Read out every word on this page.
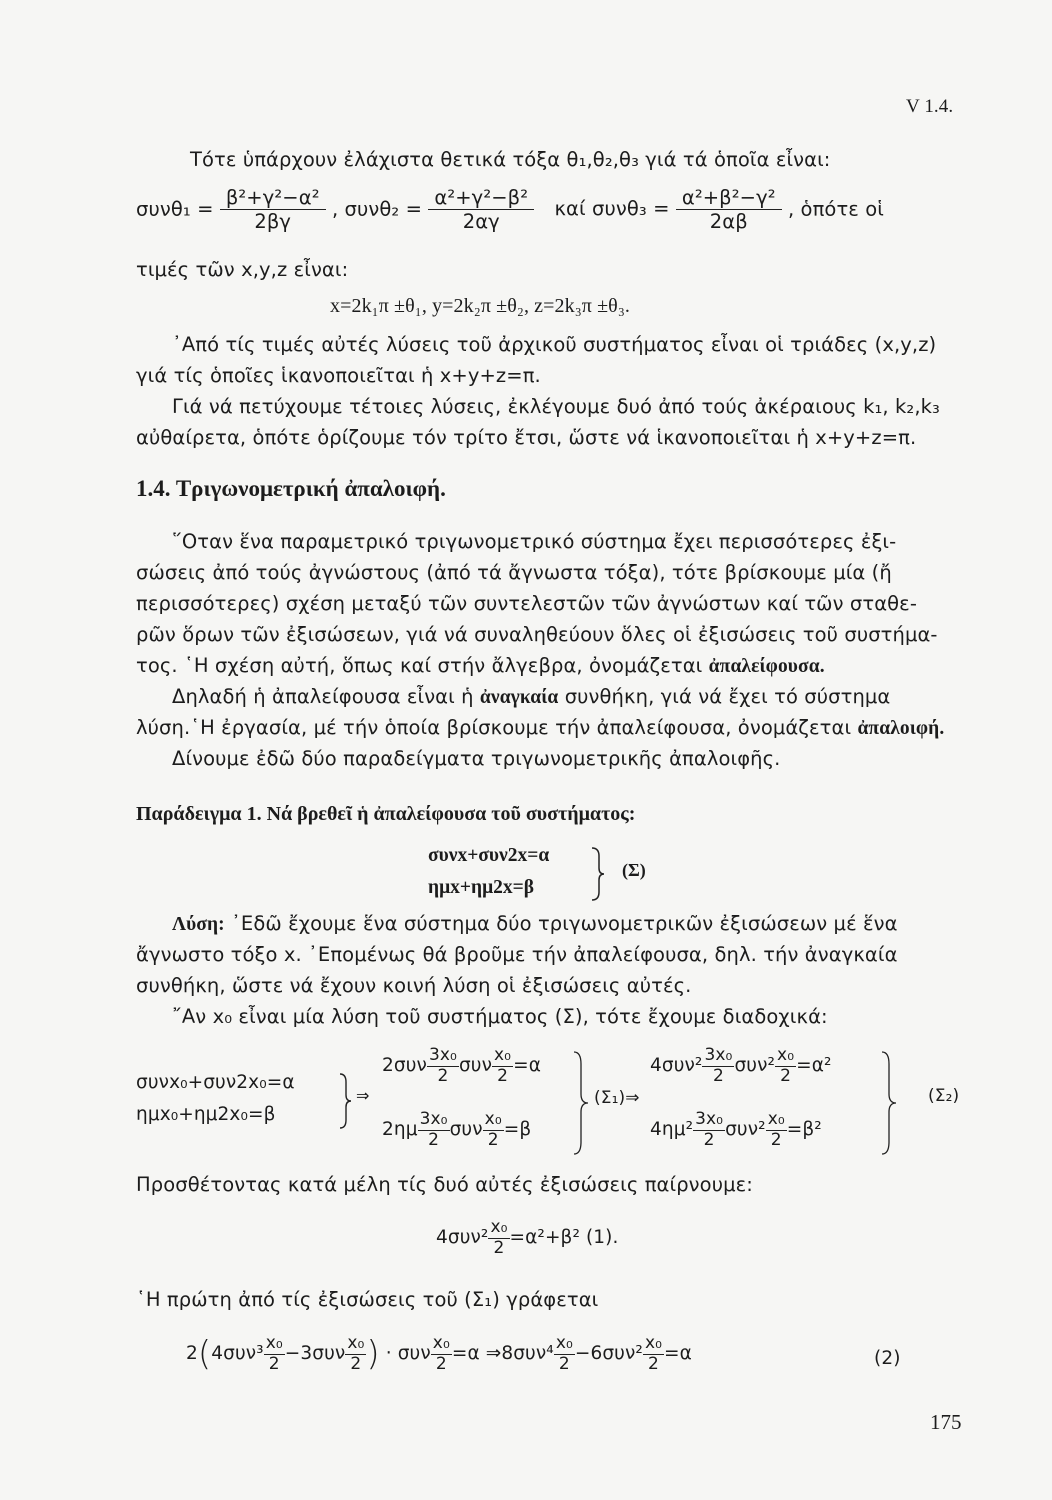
V 1.4.
Τότε ὑπάρχουν ἐλάχιστα θετικά τόξα θ₁,θ₂,θ₃ γιά τά ὁποῖα εἶναι:
$\sigma\upsilon\nu\theta_1 = \frac{\text{β²+γ²−α²}}{2\beta\gamma}$ , $\sigma\upsilon\nu\theta_2 = \frac{\text{α²+γ²−β²}}{2\alpha\gamma}$ καί $\sigma\upsilon\nu\theta_3 = \frac{\text{α²+β²−γ²}}{2\alpha\beta}$ , ὁπότε οἱ
τιμές τῶν x,y,z εἶναι:
x=2k₁π ±θ₁, y=2k₂π ±θ₂, z=2k₃π ±θ₃.
᾿Από τίς τιμές αὐτές λύσεις τοῦ ἀρχικοῦ συστήματος εἶναι οἱ τριάδες (x,y,z)
γιά τίς ὁποῖες ἱκανοποιεῖται ἡ x+y+z=π.
Γιά νά πετύχουμε τέτοιες λύσεις, ἐκλέγουμε δυό ἀπό τούς ἀκέραιους k₁, k₂,k₃
αὐθαίρετα, ὁπότε ὁρίζουμε τόν τρίτο ἔτσι, ὥστε νά ἱκανοποιεῖται ἡ x+y+z=π.
1.4. Τριγωνομετρική ἀπαλοιφή.
῞Οταν ἕνα παραμετρικό τριγωνομετρικό σύστημα ἔχει περισσότερες ἐξι-
σώσεις ἀπό τούς ἀγνώστους (ἀπό τά ἄγνωστα τόξα), τότε βρίσκουμε μία (ἤ
περισσότερες) σχέση μεταξύ τῶν συντελεστῶν τῶν ἀγνώστων καί τῶν σταθε-
ρῶν ὅρων τῶν ἐξισώσεων, γιά νά συναληθεύουν ὅλες οἱ ἐξισώσεις τοῦ συστήμα-
τος. ῾Η σχέση αὐτή, ὅπως καί στήν ἄλγεβρα, ὀνομάζεται ἀπαλείφουσα.
Δηλαδή ἡ ἀπαλείφουσα εἶναι ἡ ἀναγκαία συνθήκη, γιά νά ἔχει τό σύστημα
λύση.῾Η ἐργασία, μέ τήν ὁποία βρίσκουμε τήν ἀπαλείφουσα, ὀνομάζεται ἀπαλοιφή.
Δίνουμε ἐδῶ δύο παραδείγματα τριγωνομετρικῆς ἀπαλοιφῆς.
Παράδειγμα 1. Νά βρεθεῖ ἡ ἀπαλείφουσα τοῦ συστήματος:
συνx+συν2x=α
ημx+ημ2x=β
(Σ)
Λύση: ᾿Εδῶ ἔχουμε ἕνα σύστημα δύο τριγωνομετρικῶν ἐξισώσεων μέ ἕνα
ἄγνωστο τόξο x. ᾿Επομένως θά βροῦμε τήν ἀπαλείφουσα, δηλ. τήν ἀναγκαία
συνθήκη, ὥστε νά ἔχουν κοινή λύση οἱ ἐξισώσεις αὐτές.
῎Αν x₀ εἶναι μία λύση τοῦ συστήματος (Σ), τότε ἔχουμε διαδοχικά:
συνx₀+συν2x₀=α
ημx₀+ημ2x₀=β
⇒
$2\sigma\upsilon\nu \frac{\text{3x₀}}{2}$ συν $\frac{\text{x₀}}{2} =\alpha$
$2\eta\mu \frac{\text{3x₀}}{2}$ συν $\frac{\text{x₀}}{2} =\beta$
(Σ₁)⇒
$4\sigma\upsilon\nu^2 \frac{\text{3x₀}}{2} \sigma\upsilon\nu^2 \frac{\text{x₀}}{2} =\alpha^2$
$4\eta\mu^2 \frac{\text{3x₀}}{2} \sigma\upsilon\nu^2 \frac{\text{x₀}}{2} =\beta^2$
(Σ₂)
Προσθέτοντας κατά μέλη τίς δυό αὐτές ἐξισώσεις παίρνουμε:
$4\sigma\upsilon\nu^2 \frac{\text{x₀}}{2} =\alpha^2+\beta^2$ (1).
῾Η πρώτη ἀπό τίς ἐξισώσεις τοῦ (Σ₁) γράφεται
$2(4\sigma\upsilon\nu^3 \frac{\text{x₀}}{2} -3\sigma\upsilon\nu \frac{\text{x₀}}{2}$ ) · συν $\frac{\text{x₀}}{2} =\alpha$ ⇒8συν⁴ $\frac{\text{x₀}}{2} -6\sigma\upsilon\nu^2 \frac{\text{x₀}}{2} =\alpha$	(2)
175
